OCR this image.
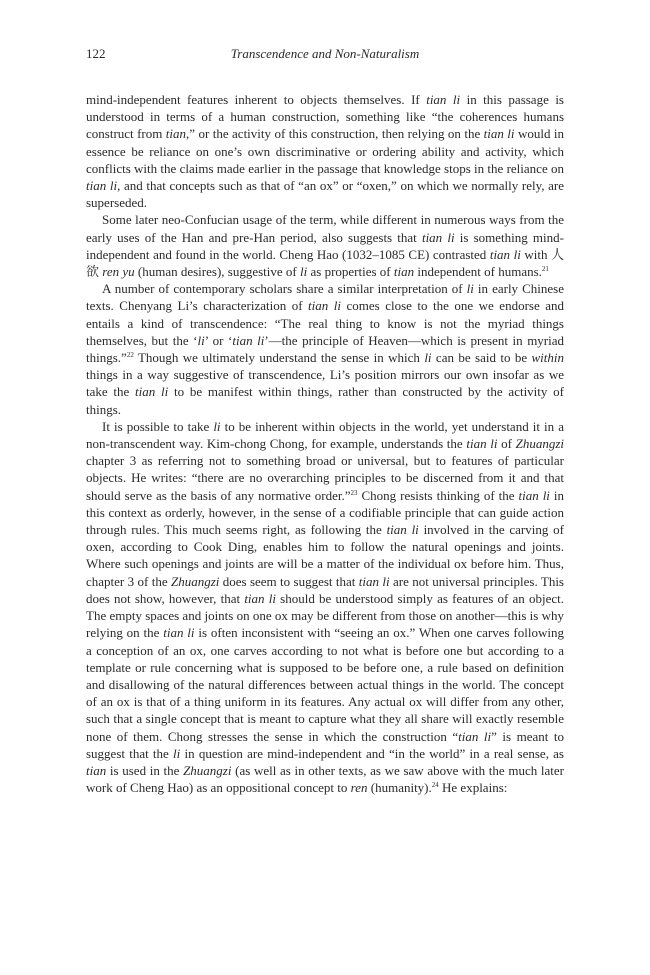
122	Transcendence and Non-Naturalism

mind-independent features inherent to objects themselves. If tian li in this passage is understood in terms of a human construction, something like “the coherences humans construct from tian,” or the activity of this construction, then relying on the tian li would in essence be reliance on one’s own discriminative or ordering ability and activity, which conflicts with the claims made earlier in the passage that knowledge stops in the reliance on tian li, and that concepts such as that of “an ox” or “oxen,” on which we normally rely, are superseded.

Some later neo-Confucian usage of the term, while different in numerous ways from the early uses of the Han and pre-Han period, also suggests that tian li is something mind-independent and found in the world. Cheng Hao (1032–1085 CE) contrasted tian li with 人欲 ren yu (human desires), suggestive of li as properties of tian independent of humans.$^{21}$

A number of contemporary scholars share a similar interpretation of li in early Chinese texts. Chenyang Li’s characterization of tian li comes close to the one we endorse and entails a kind of transcendence: “The real thing to know is not the myriad things themselves, but the ‘li’ or ‘tian li’—the principle of Heaven—which is present in myriad things.”$^{22}$ Though we ultimately understand the sense in which li can be said to be within things in a way suggestive of transcendence, Li’s position mirrors our own insofar as we take the tian li to be manifest within things, rather than constructed by the activity of things.

It is possible to take li to be inherent within objects in the world, yet understand it in a non-transcendent way. Kim-chong Chong, for example, understands the tian li of Zhuangzi chapter 3 as referring not to something broad or universal, but to features of particular objects. He writes: “there are no overarching principles to be discerned from it and that should serve as the basis of any normative order.”$^{23}$ Chong resists thinking of the tian li in this context as orderly, however, in the sense of a codifiable principle that can guide action through rules. This much seems right, as following the tian li involved in the carving of oxen, according to Cook Ding, enables him to follow the natural openings and joints. Where such openings and joints are will be a matter of the individual ox before him. Thus, chapter 3 of the Zhuangzi does seem to suggest that tian li are not universal principles. This does not show, however, that tian li should be understood simply as features of an object. The empty spaces and joints on one ox may be different from those on another—this is why relying on the tian li is often inconsistent with “seeing an ox.” When one carves following a conception of an ox, one carves according to not what is before one but according to a template or rule concerning what is supposed to be before one, a rule based on definition and disallowing of the natural differences between actual things in the world. The concept of an ox is that of a thing uniform in its features. Any actual ox will differ from any other, such that a single concept that is meant to capture what they all share will exactly resemble none of them. Chong stresses the sense in which the construction “tian li” is meant to suggest that the li in question are mind-independent and “in the world” in a real sense, as tian is used in the Zhuangzi (as well as in other texts, as we saw above with the much later work of Cheng Hao) as an oppositional concept to ren (humanity).$^{24}$ He explains:
